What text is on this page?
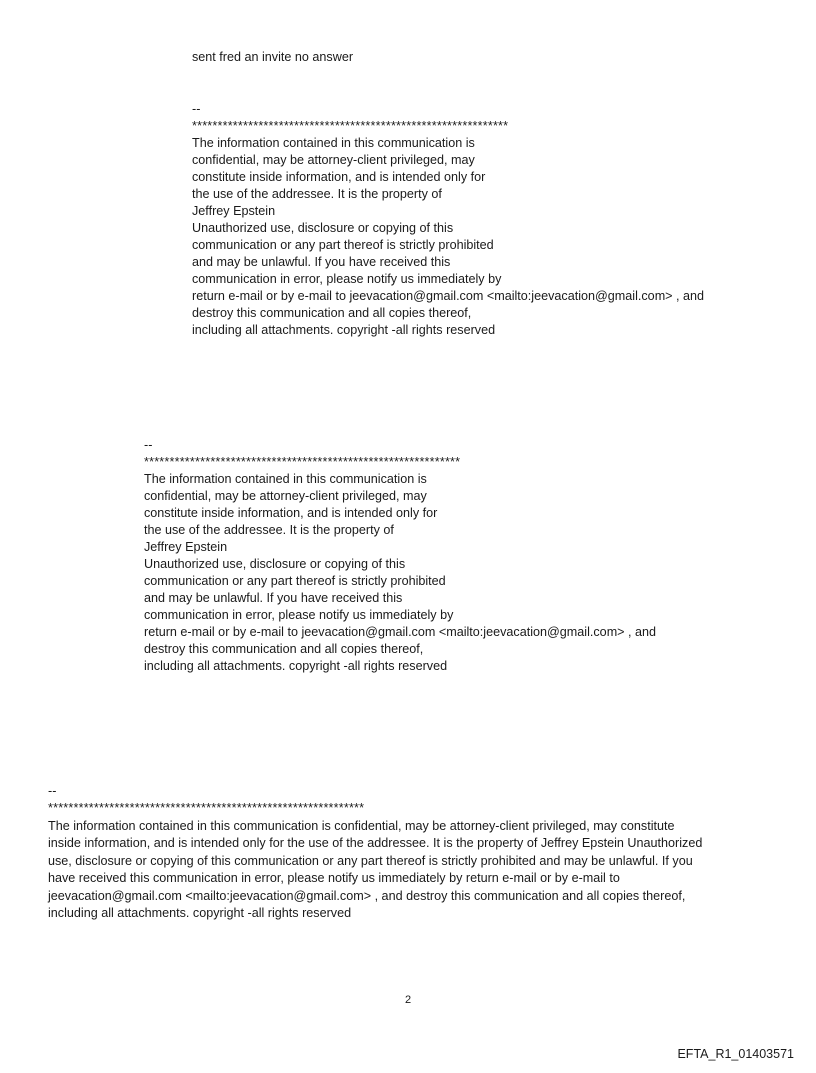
sent fred an invite no answer
--
**************************************************************
The information contained in this communication is
confidential, may be attorney-client privileged, may
constitute inside information, and is intended only for
the use of the addressee. It is the property of
Jeffrey Epstein
Unauthorized use, disclosure or copying of this
communication or any part thereof is strictly prohibited
and may be unlawful. If you have received this
communication in error, please notify us immediately by
return e-mail or by e-mail to jeevacation@gmail.com <mailto:jeevacation@gmail.com> , and
destroy this communication and all copies thereof,
including all attachments. copyright -all rights reserved
--
**************************************************************
The information contained in this communication is
confidential, may be attorney-client privileged, may
constitute inside information, and is intended only for
the use of the addressee. It is the property of
Jeffrey Epstein
Unauthorized use, disclosure or copying of this
communication or any part thereof is strictly prohibited
and may be unlawful. If you have received this
communication in error, please notify us immediately by
return e-mail or by e-mail to jeevacation@gmail.com <mailto:jeevacation@gmail.com> , and
destroy this communication and all copies thereof,
including all attachments. copyright -all rights reserved
--
**************************************************************
The information contained in this communication is confidential, may be attorney-client privileged, may constitute
inside information, and is intended only for the use of the addressee. It is the property of Jeffrey Epstein Unauthorized
use, disclosure or copying of this communication or any part thereof is strictly prohibited and may be unlawful. If you
have received this communication in error, please notify us immediately by return e-mail or by e-mail to
jeevacation@gmail.com <mailto:jeevacation@gmail.com> , and destroy this communication and all copies thereof,
including all attachments. copyright -all rights reserved
2
EFTA_R1_01403571
